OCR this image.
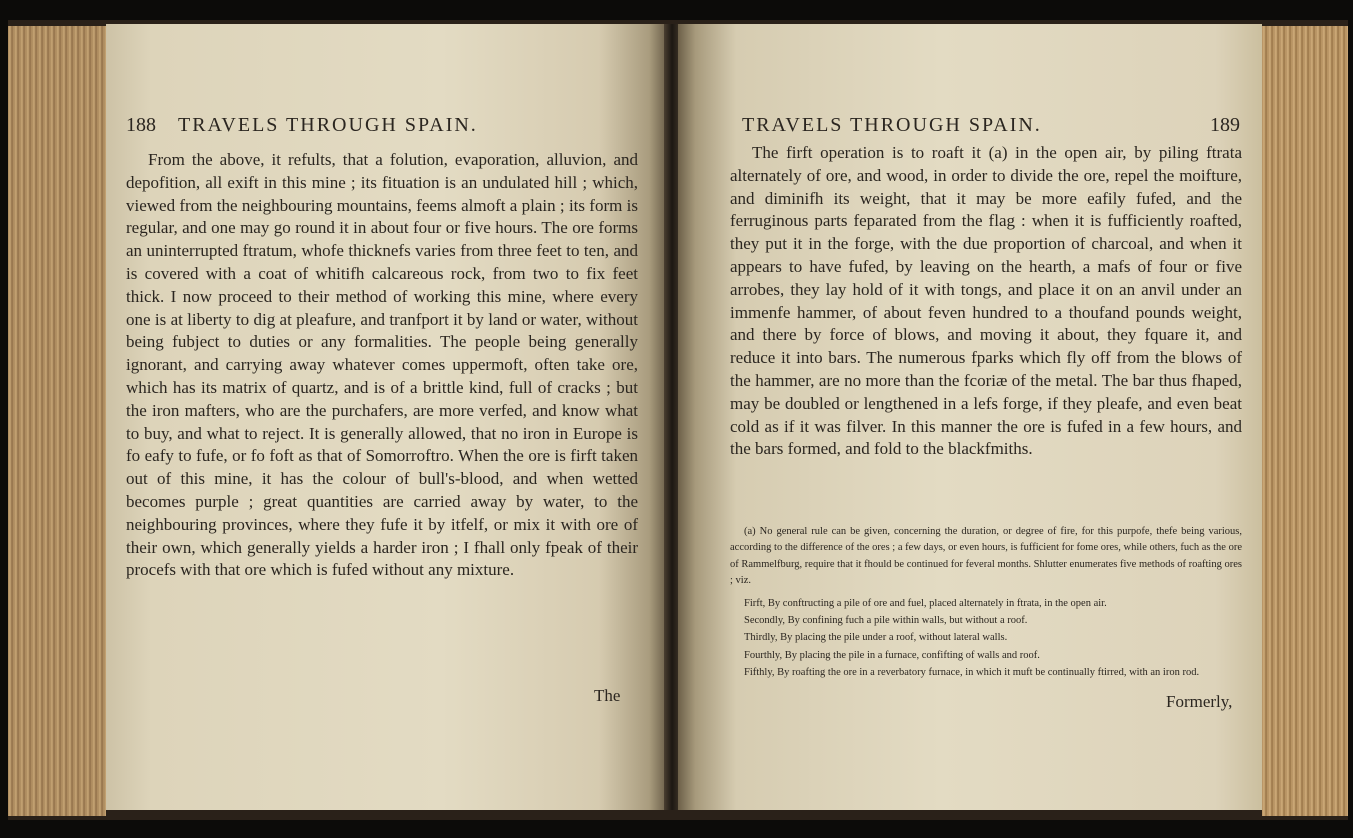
188 TRAVELS THROUGH SPAIN.

From the above, it refults, that a folution, evaporation, alluvion, and depofition, all exift in this mine ; its fituation is an undulated hill ; which, viewed from the neighbouring mountains, feems almoft a plain ; its form is regular, and one may go round it in about four or five hours. The ore forms an uninterrupted ftratum, whofe thicknefs varies from three feet to ten, and is covered with a coat of whitifh calcareous rock, from two to fix feet thick. I now proceed to their method of working this mine, where every one is at liberty to dig at pleafure, and tranfport it by land or water, without being fubject to duties or any formalities. The people being generally ignorant, and carrying away whatever comes uppermoft, often take ore, which has its matrix of quartz, and is of a brittle kind, full of cracks ; but the iron mafters, who are the purchafers, are more verfed, and know what to buy, and what to reject. It is generally allowed, that no iron in Europe is fo eafy to fufe, or fo foft as that of Somorroftro. When the ore is firft taken out of this mine, it has the colour of bull's-blood, and when wetted becomes purple ; great quantities are carried away by water, to the neighbouring provinces, where they fufe it by itfelf, or mix it with ore of their own, which generally yields a harder iron ; I fhall only fpeak of their procefs with that ore which is fufed without any mixture.

The
TRAVELS THROUGH SPAIN.	189

The firft operation is to roaft it (a) in the open air, by piling ftrata alternately of ore, and wood, in order to divide the ore, repel the moifture, and diminifh its weight, that it may be more eafily fufed, and the ferruginous parts feparated from the flag : when it is fufficiently roafted, they put it in the forge, with the due proportion of charcoal, and when it appears to have fufed, by leaving on the hearth, a mafs of four or five arrobes, they lay hold of it with tongs, and place it on an anvil under an immenfe hammer, of about feven hundred to a thoufand pounds weight, and there by force of blows, and moving it about, they fquare it, and reduce it into bars. The numerous fparks which fly off from the blows of the hammer, are no more than the fcoriæ of the metal. The bar thus fhaped, may be doubled or lengthened in a lefs forge, if they pleafe, and even beat cold as if it was filver. In this manner the ore is fufed in a few hours, and the bars formed, and fold to the blackfmiths.

(a) No general rule can be given, concerning the duration, or degree of fire, for this purpofe, thefe being various, according to the difference of the ores ; a few days, or even hours, is fufficient for fome ores, while others, fuch as the ore of Rammelfburg, require that it fhould be continued for feveral months. Shlutter enumerates five methods of roafting ores ; viz.

Firft, By conftructing a pile of ore and fuel, placed alternately in ftrata, in the open air.

Secondly, By confining fuch a pile within walls, but without a roof.

Thirdly, By placing the pile under a roof, without lateral walls.

Fourthly, By placing the pile in a furnace, confifting of walls and roof.

Fifthly, By roafting the ore in a reverbatory furnace, in which it muft be continually ftirred, with an iron rod.

Formerly,
